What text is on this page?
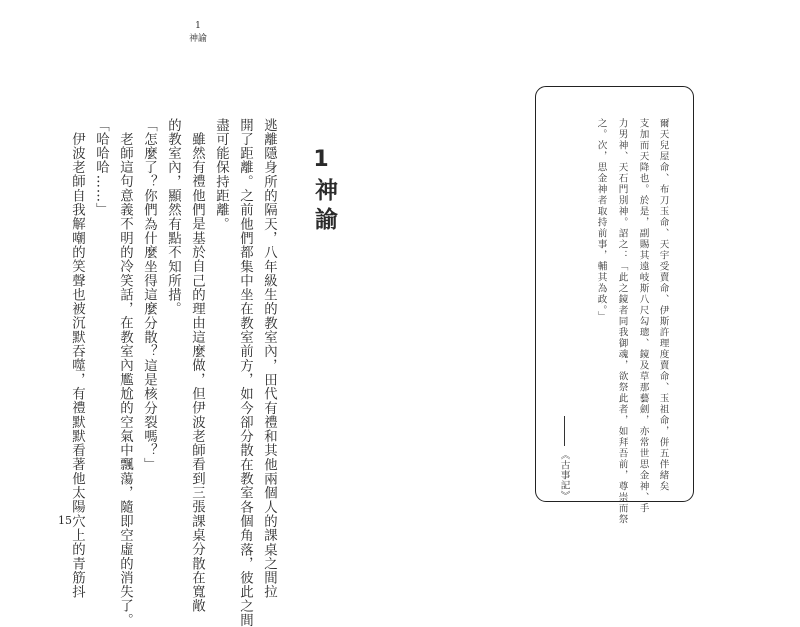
1
神諭
1
神諭
逃離隱身所的隔天，八年級生的教室內，田代有禮和其他兩個人的課桌之間拉
開了距離。之前他們都集中坐在教室前方，如今卻分散在教室各個角落，彼此之間
盡可能保持距離。
雖然有禮他們是基於自己的理由這麼做，但伊波老師看到三張課桌分散在寬敞
的教室內，顯然有點不知所措。
「怎麼了？你們為什麼坐得這麼分散？這是核分裂嗎？」
老師這句意義不明的冷笑話，在教室內尷尬的空氣中飄蕩，隨即空虛的消失了。
「哈哈哈……」
伊波老師自我解嘲的笑聲也被沉默吞噬，有禮默默看著他太陽穴上的青筋抖
15
爾天兒屋命、布刀玉命、天宇受賣命、伊斯許理度賣命、玉祖命，併五伴緒矣
支加而天降也。於是，副賜其遠岐斯八尺勾璁、鏡及草那藝劍，亦常世思金神、手
力男神、天石門別神。詔之：「此之鏡者同我御魂，欲祭此者，如拜吾前，尊崇而祭
之。次，思金神者取持前事，輔其為政。」
《古事記》
